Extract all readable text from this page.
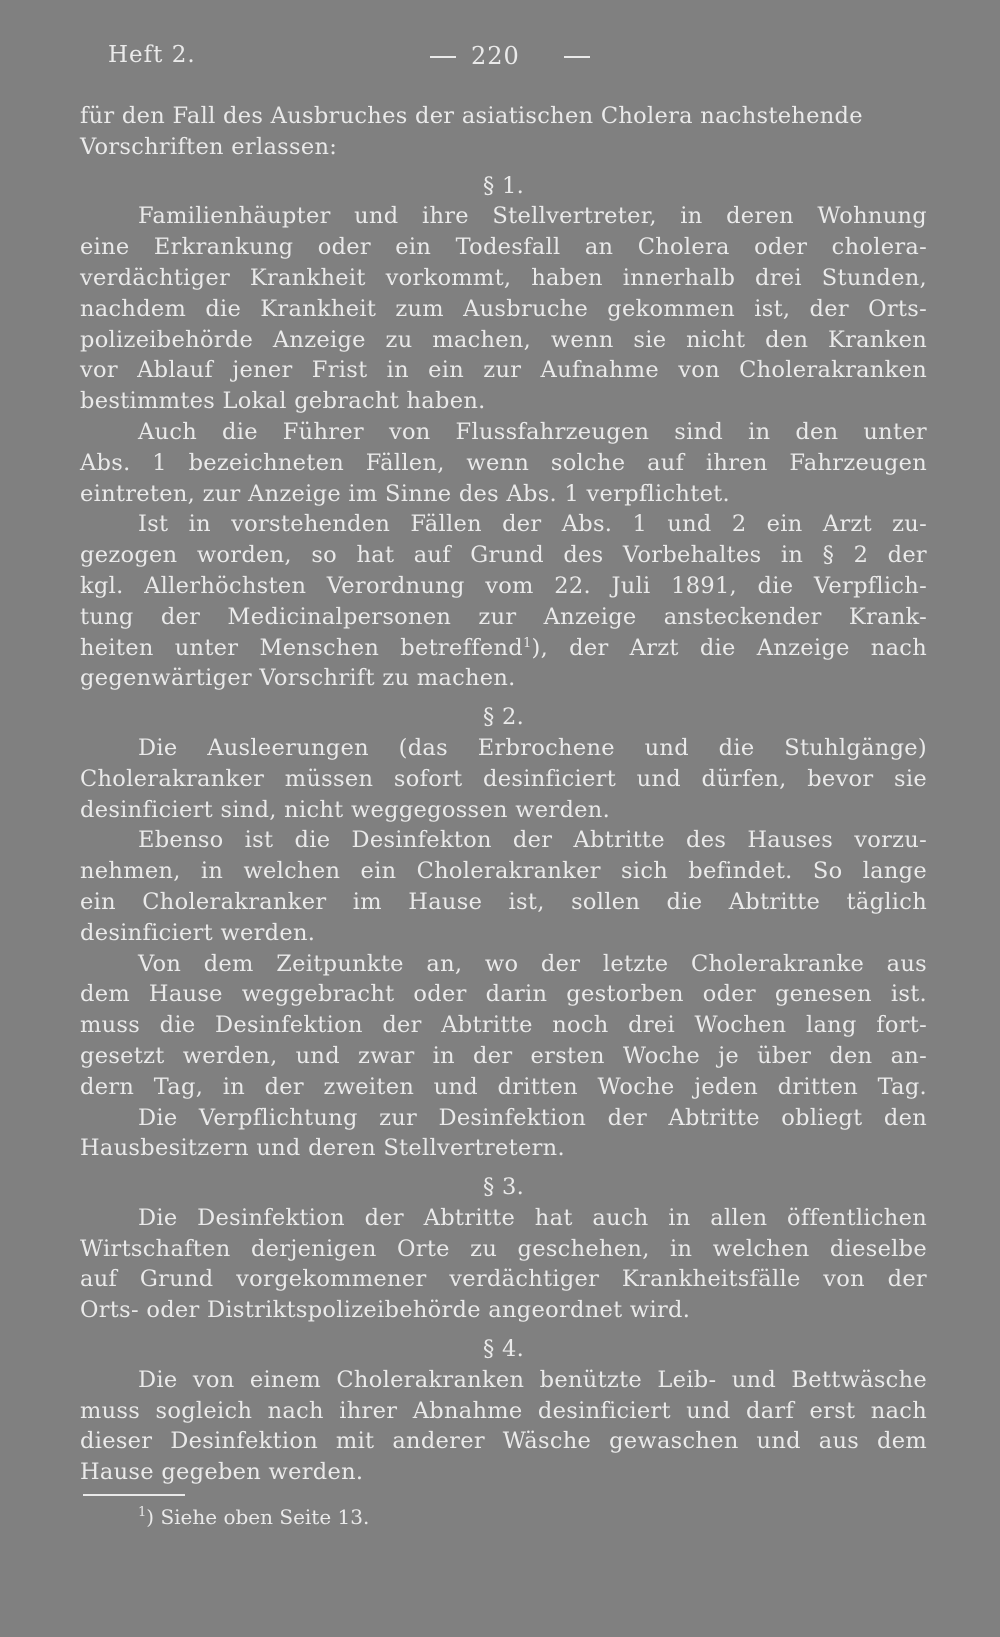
Heft 2.	220
für den Fall des Ausbruches der asiatischen Cholera nachstehende
Vorschriften erlassen:
§ 1.
Familienhäupter und ihre Stellvertreter, in deren Wohnung
eine Erkrankung oder ein Todesfall an Cholera oder cholera-
verdächtiger Krankheit vorkommt, haben innerhalb drei Stunden,
nachdem die Krankheit zum Ausbruche gekommen ist, der Orts-
polizeibehörde Anzeige zu machen, wenn sie nicht den Kranken
vor Ablauf jener Frist in ein zur Aufnahme von Cholerakranken
bestimmtes Lokal gebracht haben.
Auch die Führer von Flussfahrzeugen sind in den unter
Abs. 1 bezeichneten Fällen, wenn solche auf ihren Fahrzeugen
eintreten, zur Anzeige im Sinne des Abs. 1 verpflichtet.
Ist in vorstehenden Fällen der Abs. 1 und 2 ein Arzt zu-
gezogen worden, so hat auf Grund des Vorbehaltes in § 2 der
kgl. Allerhöchsten Verordnung vom 22. Juli 1891, die Verpflich-
tung der Medicinalpersonen zur Anzeige ansteckender Krank-
heiten unter Menschen betreffend$^1$), der Arzt die Anzeige nach
gegenwärtiger Vorschrift zu machen.
§ 2.
Die Ausleerungen (das Erbrochene und die Stuhlgänge)
Cholerakranker müssen sofort desinficiert und dürfen, bevor sie
desinficiert sind, nicht weggegossen werden.
Ebenso ist die Desinfekton der Abtritte des Hauses vorzu-
nehmen, in welchen ein Cholerakranker sich befindet. So lange
ein Cholerakranker im Hause ist, sollen die Abtritte täglich
desinficiert werden.
Von dem Zeitpunkte an, wo der letzte Cholerakranke aus
dem Hause weggebracht oder darin gestorben oder genesen ist.
muss die Desinfektion der Abtritte noch drei Wochen lang fort-
gesetzt werden, und zwar in der ersten Woche je über den an-
dern Tag, in der zweiten und dritten Woche jeden dritten Tag.
Die Verpflichtung zur Desinfektion der Abtritte obliegt den
Hausbesitzern und deren Stellvertretern.
§ 3.
Die Desinfektion der Abtritte hat auch in allen öffentlichen
Wirtschaften derjenigen Orte zu geschehen, in welchen dieselbe
auf Grund vorgekommener verdächtiger Krankheitsfälle von der
Orts- oder Distriktspolizeibehörde angeordnet wird.
§ 4.
Die von einem Cholerakranken benützte Leib- und Bettwäsche
muss sogleich nach ihrer Abnahme desinficiert und darf erst nach
dieser Desinfektion mit anderer Wäsche gewaschen und aus dem
Hause gegeben werden.
$^1$) Siehe oben Seite 13.
